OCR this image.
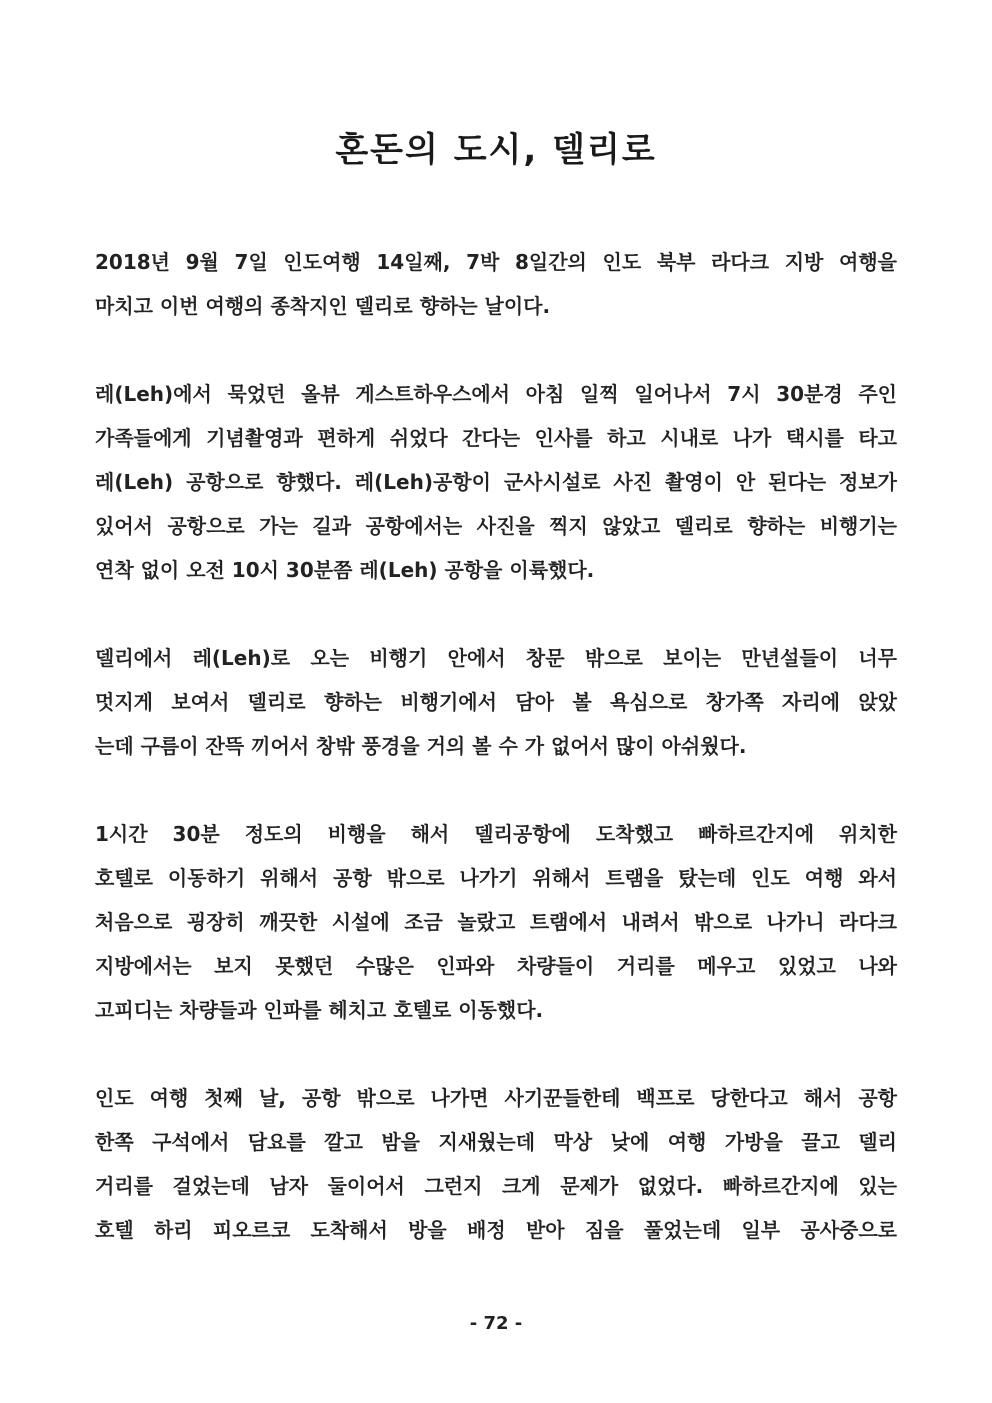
혼돈의 도시, 델리로

2018년 9월 7일 인도여행 14일째, 7박 8일간의 인도 북부 라다크 지방 여행을
마치고 이번 여행의 종착지인 델리로 향하는 날이다.

레(Leh)에서 묵었던 올뷰 게스트하우스에서 아침 일찍 일어나서 7시 30분경 주인
가족들에게 기념촬영과 편하게 쉬었다 간다는 인사를 하고 시내로 나가 택시를 타고
레(Leh) 공항으로 향했다. 레(Leh)공항이 군사시설로 사진 촬영이 안 된다는 정보가
있어서 공항으로 가는 길과 공항에서는 사진을 찍지 않았고 델리로 향하는 비행기는
연착 없이 오전 10시 30분쯤 레(Leh) 공항을 이륙했다.

델리에서 레(Leh)로 오는 비행기 안에서 창문 밖으로 보이는 만년설들이 너무
멋지게 보여서 델리로 향하는 비행기에서 담아 볼 욕심으로 창가쪽 자리에 앉았
는데 구름이 잔뜩 끼어서 창밖 풍경을 거의 볼 수 가 없어서 많이 아쉬웠다.

1시간 30분 정도의 비행을 해서 델리공항에 도착했고 빠하르간지에 위치한
호텔로 이동하기 위해서 공항 밖으로 나가기 위해서 트램을 탔는데 인도 여행 와서
처음으로 굉장히 깨끗한 시설에 조금 놀랐고 트램에서 내려서 밖으로 나가니 라다크
지방에서는 보지 못했던 수많은 인파와 차량들이 거리를 메우고 있었고 나와
고피디는 차량들과 인파를 헤치고 호텔로 이동했다.

인도 여행 첫째 날, 공항 밖으로 나가면 사기꾼들한테 백프로 당한다고 해서 공항
한쪽 구석에서 담요를 깔고 밤을 지새웠는데 막상 낮에 여행 가방을 끌고 델리
거리를 걸었는데 남자 둘이어서 그런지 크게 문제가 없었다. 빠하르간지에 있는
호텔 하리 피오르코 도착해서 방을 배정 받아 짐을 풀었는데 일부 공사중으로

- 72 -
